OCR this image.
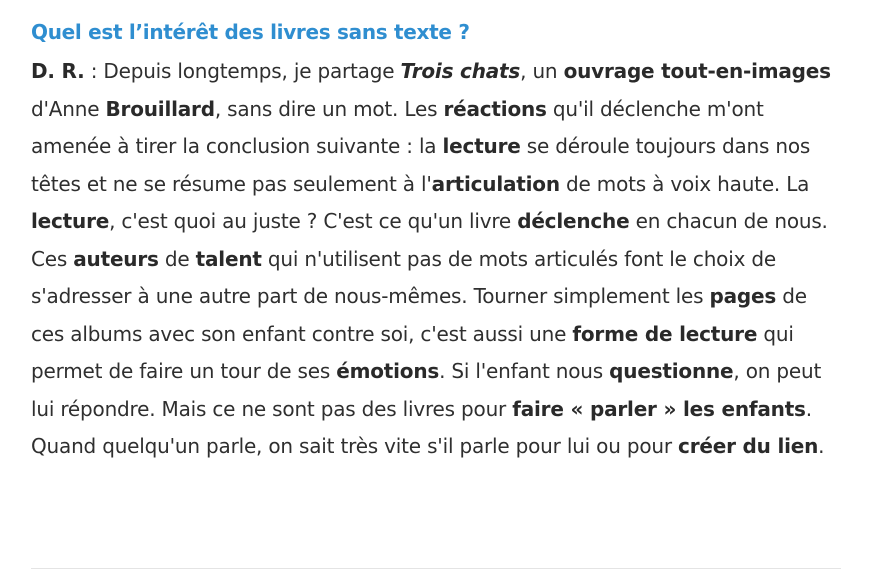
Quel est l’intérêt des livres sans texte ?

D. R. : Depuis longtemps, je partage Trois chats, un ouvrage tout-en-images d'Anne Brouillard, sans dire un mot. Les réactions qu'il déclenche m'ont amenée à tirer la conclusion suivante : la lecture se déroule toujours dans nos têtes et ne se résume pas seulement à l'articulation de mots à voix haute. La lecture, c'est quoi au juste ? C'est ce qu'un livre déclenche en chacun de nous. Ces auteurs de talent qui n'utilisent pas de mots articulés font le choix de s'adresser à une autre part de nous-mêmes. Tourner simplement les pages de ces albums avec son enfant contre soi, c'est aussi une forme de lecture qui permet de faire un tour de ses émotions. Si l'enfant nous questionne, on peut lui répondre. Mais ce ne sont pas des livres pour faire « parler » les enfants. Quand quelqu'un parle, on sait très vite s'il parle pour lui ou pour créer du lien.
